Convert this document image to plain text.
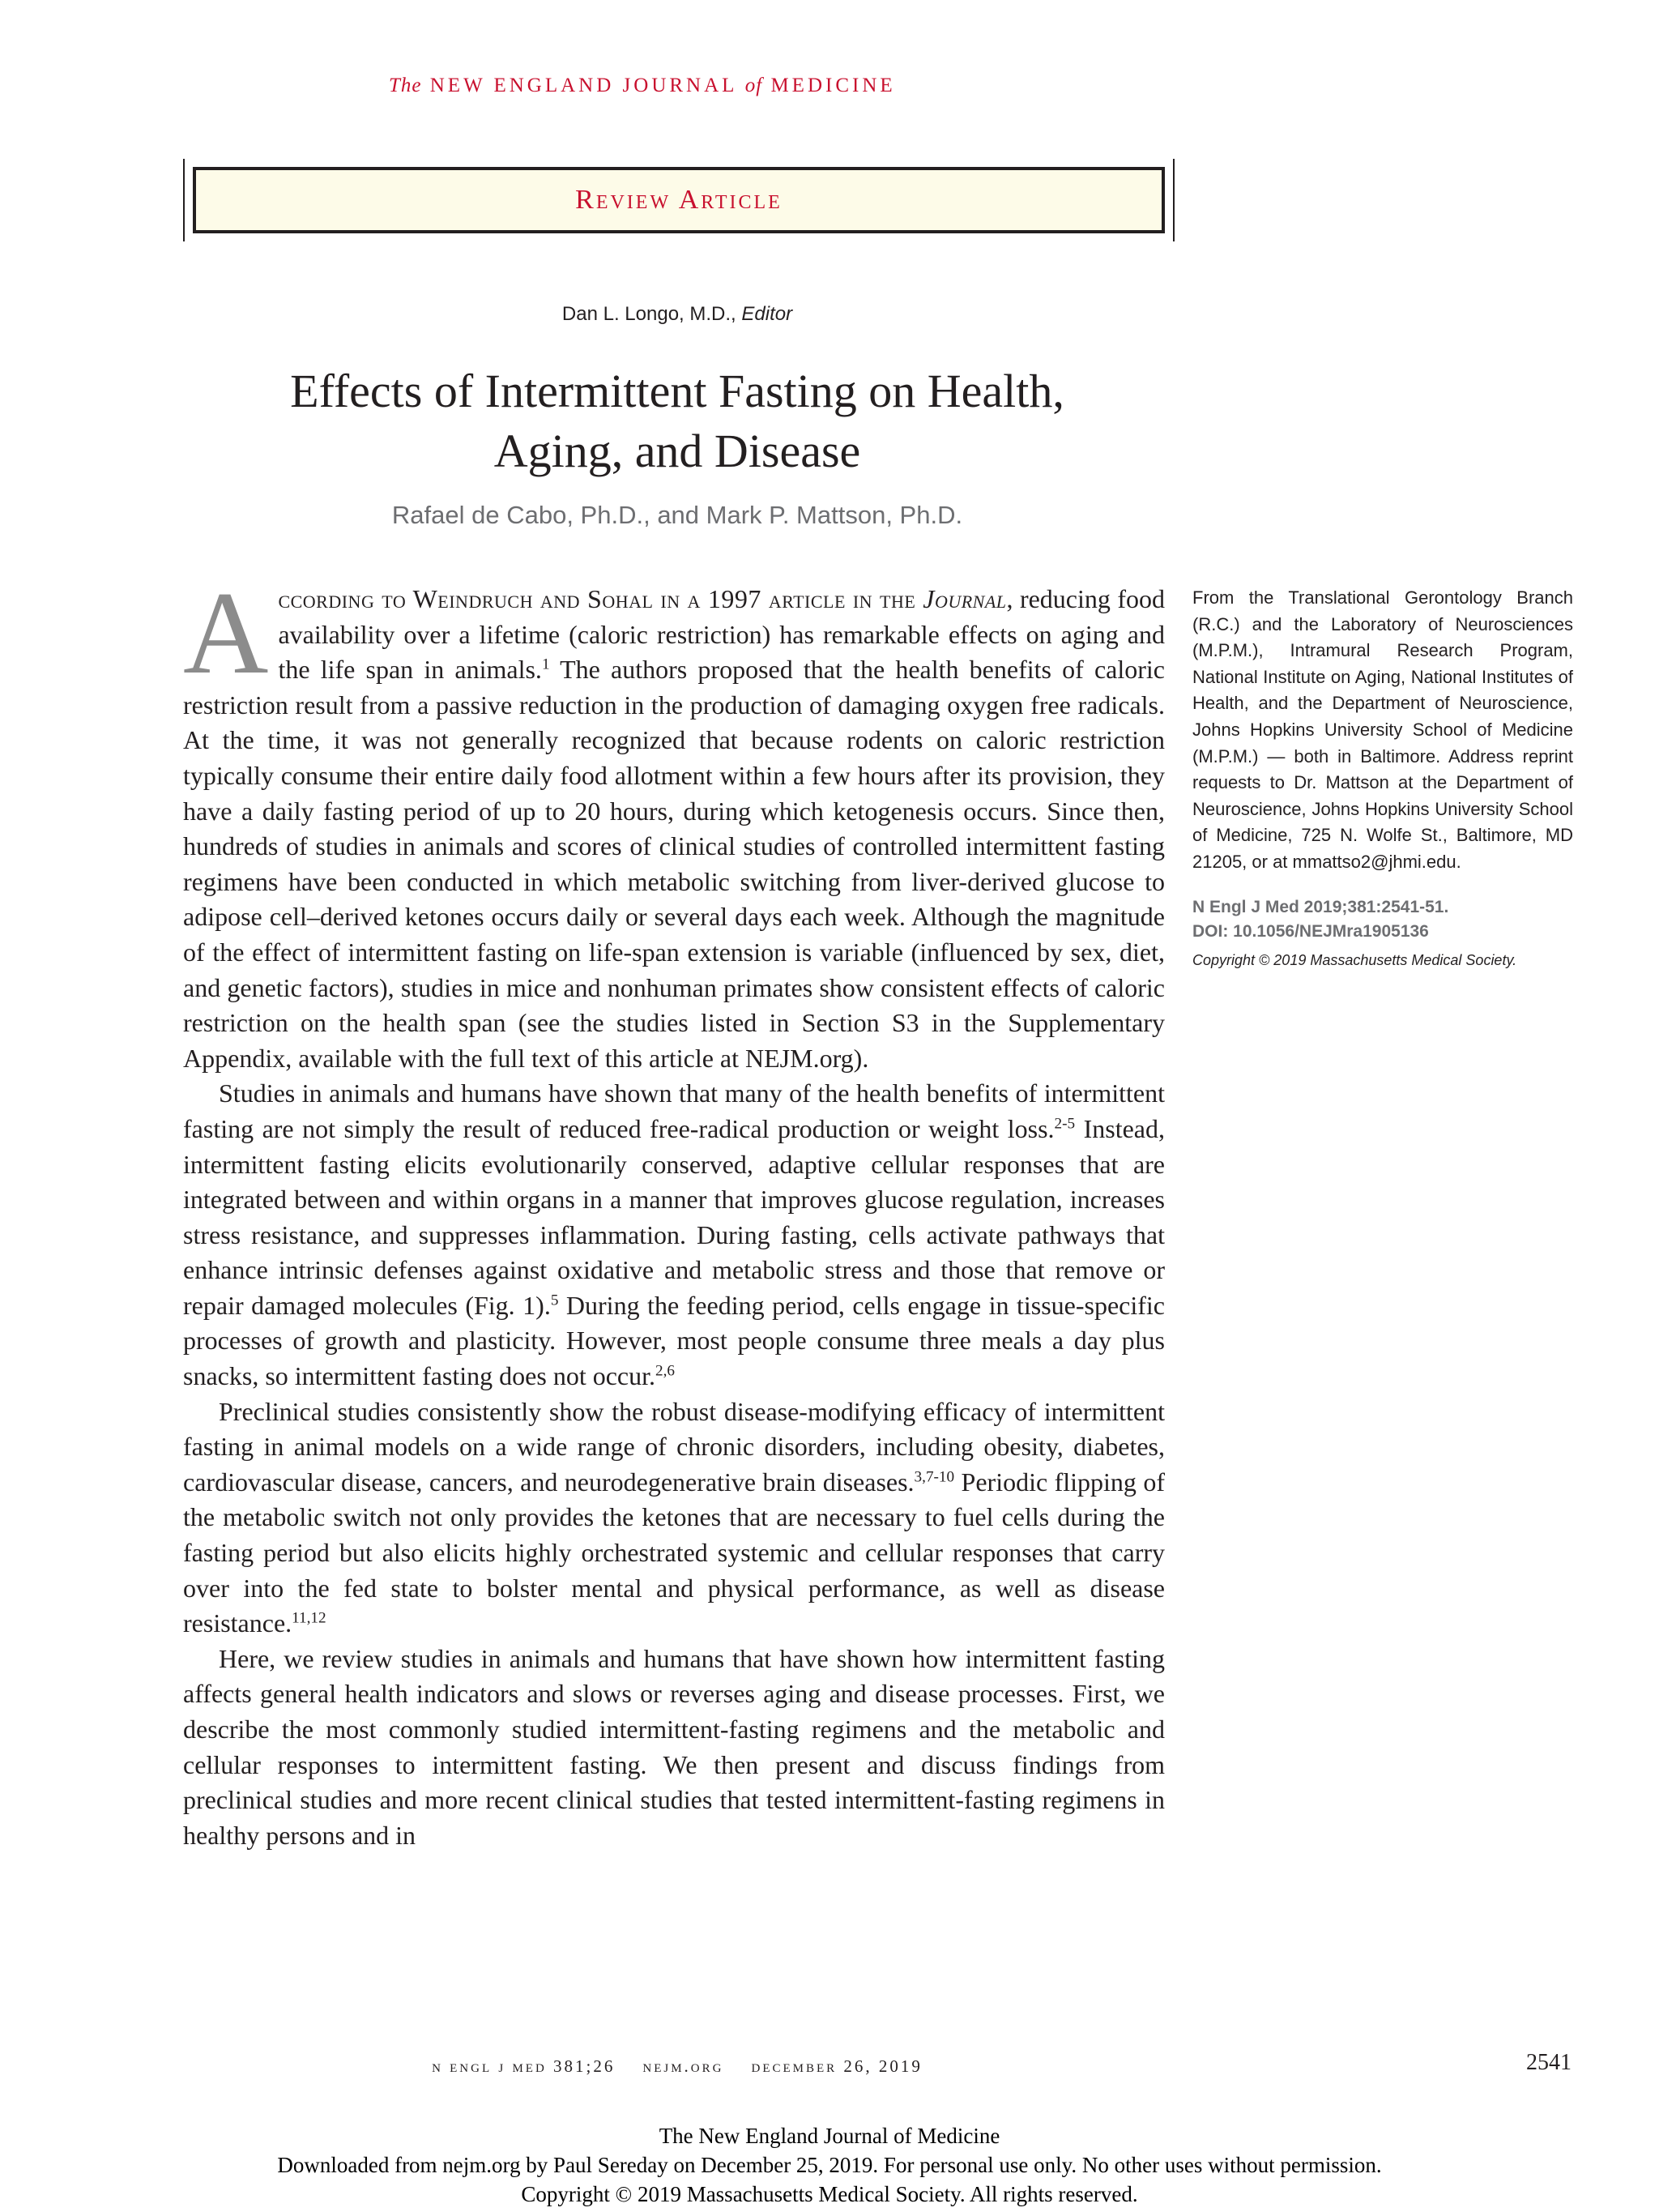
The NEW ENGLAND JOURNAL of MEDICINE
Review Article
Dan L. Longo, M.D., Editor
Effects of Intermittent Fasting on Health,
Aging, and Disease
Rafael de Cabo, Ph.D., and Mark P. Mattson, Ph.D.

According to Weindruch and Sohal in a 1997 article in the Journal, reducing food availability over a lifetime (caloric restriction) has remarkable effects on aging and the life span in animals.$^1$ The authors proposed that the health benefits of caloric restriction result from a passive reduction in the production of damaging oxygen free radicals. At the time, it was not generally recognized that because rodents on caloric restriction typically consume their entire daily food allotment within a few hours after its provision, they have a daily fasting period of up to 20 hours, during which ketogenesis occurs. Since then, hundreds of studies in animals and scores of clinical studies of controlled intermittent fasting regimens have been conducted in which metabolic switching from liver-derived glucose to adipose cell–derived ketones occurs daily or several days each week. Although the magnitude of the effect of intermittent fasting on life-span extension is variable (influenced by sex, diet, and genetic factors), studies in mice and nonhuman primates show consistent effects of caloric restriction on the health span (see the studies listed in Section S3 in the Supplementary Appendix, available with the full text of this article at NEJM.org).

Studies in animals and humans have shown that many of the health benefits of intermittent fasting are not simply the result of reduced free-radical production or weight loss.$^{2-5}$ Instead, intermittent fasting elicits evolutionarily conserved, adaptive cellular responses that are integrated between and within organs in a manner that improves glucose regulation, increases stress resistance, and suppresses inflammation. During fasting, cells activate pathways that enhance intrinsic defenses against oxidative and metabolic stress and those that remove or repair damaged molecules (Fig. 1).$^5$ During the feeding period, cells engage in tissue-specific processes of growth and plasticity. However, most people consume three meals a day plus snacks, so intermittent fasting does not occur.$^{2,6}$

Preclinical studies consistently show the robust disease-modifying efficacy of intermittent fasting in animal models on a wide range of chronic disorders, including obesity, diabetes, cardiovascular disease, cancers, and neurodegenerative brain diseases.$^{3,7-10}$ Periodic flipping of the metabolic switch not only provides the ketones that are necessary to fuel cells during the fasting period but also elicits highly orchestrated systemic and cellular responses that carry over into the fed state to bolster mental and physical performance, as well as disease resistance.$^{11,12}$

Here, we review studies in animals and humans that have shown how intermittent fasting affects general health indicators and slows or reverses aging and disease processes. First, we describe the most commonly studied intermittent-fasting regimens and the metabolic and cellular responses to intermittent fasting. We then present and discuss findings from preclinical studies and more recent clinical studies that tested intermittent-fasting regimens in healthy persons and in

From the Translational Gerontology Branch (R.C.) and the Laboratory of Neurosciences (M.P.M.), Intramural Research Program, National Institute on Aging, National Institutes of Health, and the Department of Neuroscience, Johns Hopkins University School of Medicine (M.P.M.) — both in Baltimore. Address reprint requests to Dr. Mattson at the Department of Neuroscience, Johns Hopkins University School of Medicine, 725 N. Wolfe St., Baltimore, MD 21205, or at mmattso2@jhmi.edu.

N Engl J Med 2019;381:2541-51.
DOI: 10.1056/NEJMra1905136
Copyright © 2019 Massachusetts Medical Society.
n engl j med 381;26 nejm.org december 26, 2019	2541
The New England Journal of Medicine
Downloaded from nejm.org by Paul Sereday on December 25, 2019. For personal use only. No other uses without permission.
Copyright © 2019 Massachusetts Medical Society. All rights reserved.
